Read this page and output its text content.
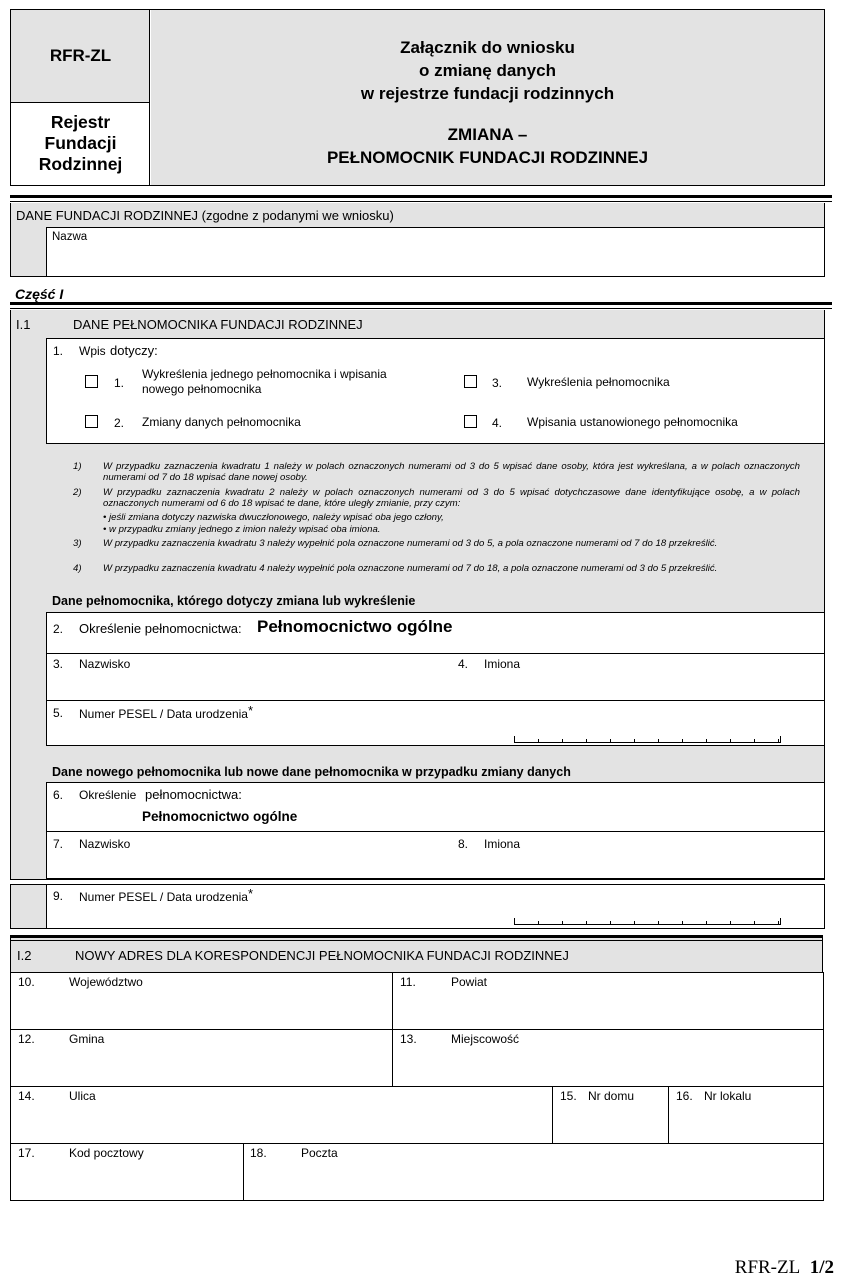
RFR-ZL
Rejestr
Fundacji
Rodzinnej
Załącznik do wniosku
o zmianę danych
w rejestrze fundacji rodzinnych
ZMIANA –
PEŁNOMOCNIK FUNDACJI RODZINNEJ
DANE FUNDACJI RODZINNEJ (zgodne z podanymi we wniosku)
Nazwa
Część I
I.1	DANE PEŁNOMOCNIKA FUNDACJI RODZINNEJ
1. Wpis dotyczy:
1.
Wykreślenia jednego pełnomocnika i wpisania
nowego pełnomocnika
2. Zmiany danych pełnomocnika
3. Wykreślenia pełnomocnika
4. Wpisania ustanowionego pełnomocnika
1) W przypadku zaznaczenia kwadratu 1 należy w polach oznaczonych numerami od 3 do 5 wpisać dane osoby, która jest wykreślana, a w polach oznaczonych numerami od 7 do 18 wpisać dane nowej osoby.
2) W przypadku zaznaczenia kwadratu 2 należy w polach oznaczonych numerami od 3 do 5 wpisać dotychczasowe dane identyfikujące osobę, a w polach oznaczonych numerami od 6 do 18 wpisać te dane, które uległy zmianie, przy czym:
• jeśli zmiana dotyczy nazwiska dwuczłonowego, należy wpisać oba jego człony,
• w przypadku zmiany jednego z imion należy wpisać oba imiona.
3) W przypadku zaznaczenia kwadratu 3 należy wypełnić pola oznaczone numerami od 3 do 5, a pola oznaczone numerami od 7 do 18 przekreślić.
4) W przypadku zaznaczenia kwadratu 4 należy wypełnić pola oznaczone numerami od 7 do 18, a pola oznaczone numerami od 3 do 5 przekreślić.
Dane pełnomocnika, którego dotyczy zmiana lub wykreślenie
2. Określenie pełnomocnictwa: Pełnomocnictwo ogólne
3. Nazwisko	4. Imiona
5. Numer PESEL / Data urodzenia*
Dane nowego pełnomocnika lub nowe dane pełnomocnika w przypadku zmiany danych
6. Określenie pełnomocnictwa:
Pełnomocnictwo ogólne
7. Nazwisko	8. Imiona
9. Numer PESEL / Data urodzenia*
I.2	NOWY ADRES DLA KORESPONDENCJI PEŁNOMOCNIKA FUNDACJI RODZINNEJ
10.	Województwo	11.	Powiat
12.	Gmina	13.	Miejscowość
14.	Ulica	15. Nr domu	16. Nr lokalu
17.	Kod pocztowy	18.	Poczta
RFR-ZL 1/2
